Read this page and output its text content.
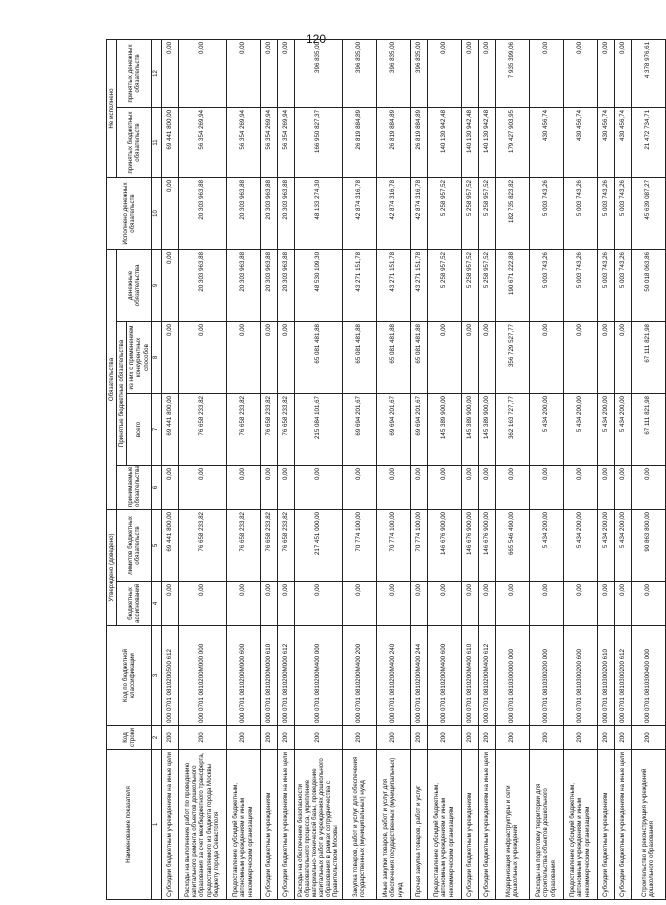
120
Наименование показателя	Код строки	Код по бюджетной классификации	Утверждено (доведено)		Обязательства				Исполнено денежных обязательств	Не исполнено	
			бюджетных ассигнований	лимитов бюджетных обязательств	принимаемые обязательства	Принятые бюджетные обязательства		денежные обязательства		принятых бюджетных обязательств	принятых денежных обязательств
						всего	из них с применением конкурентных способов				
1	2	3	4	5	6	7	8	9	10	11	12
Субсидии бюджетным учреждениям на иные цели	200	000 0701 0810200500 612	0,00	69 441 800,00	0,00	69 441 800,00	0,00	0,00	0,00	69 441 800,00	0,00
Расходы на выполнение работ по проведению капитального ремонта объектов дошкольного образования за счет межбюджетного трансферта, предоставляемого из бюджета города Москвы бюджету города Севастополя	200	000 0701 0810200М000 000	0,00	76 658 233,82	0,00	76 658 233,82	0,00	20 303 963,88	20 303 963,88	56 354 269,94	0,00
Предоставление субсидий бюджетным, автономным учреждениям и иным некоммерческим организациям	200	000 0701 0810200М000 600	0,00	76 658 233,82	0,00	76 658 233,82	0,00	20 303 963,88	20 303 963,88	56 354 269,94	0,00
Субсидии бюджетным учреждениям	200	000 0701 0810200М000 610	0,00	76 658 233,82	0,00	76 658 233,82	0,00	20 303 963,88	20 303 963,88	56 354 269,94	0,00
Субсидии бюджетным учреждениям на иные цели	200	000 0701 0810200М000 612	0,00	76 658 233,82	0,00	76 658 233,82	0,00	20 303 963,88	20 303 963,88	56 354 269,94	0,00
Расходы на обеспечение безопасности образовательного процесса, укрепление материально-технической базы, проведение капитальных работ в учреждениях дошкольного образования в рамках сотрудничества с Правительством Москвы	200	000 0701 0810200М400 000	0,00	217 451 000,00	0,00	215 084 101,67	65 081 481,88	48 530 109,30	48 133 274,30	166 950 827,37	396 835,00
Закупка товаров, работ и услуг для обеспечения государственных (муниципальных) нужд	200	000 0701 0810200М400 200	0,00	70 774 100,00	0,00	69 694 201,67	65 081 481,88	43 271 151,78	42 874 316,78	26 819 884,89	396 835,00
Иные закупки товаров, работ и услуг для обеспечения государственных (муниципальных) нужд	200	000 0701 0810200М400 240	0,00	70 774 100,00	0,00	69 694 201,67	65 081 481,88	43 271 151,78	42 874 316,78	26 819 884,89	396 835,00
Прочая закупка товаров, работ и услуг	200	000 0701 0810200М400 244	0,00	70 774 100,00	0,00	69 694 201,67	65 081 481,88	43 271 151,78	42 874 316,78	26 819 884,89	396 835,00
Предоставление субсидий бюджетным, автономным учреждениям и иным некоммерческим организациям	200	000 0701 0810200М400 600	0,00	146 676 900,00	0,00	145 389 900,00	0,00	5 258 957,52	5 258 957,52	140 130 942,48	0,00
Субсидии бюджетным учреждениям	200	000 0701 0810200М400 610	0,00	146 676 900,00	0,00	145 389 900,00	0,00	5 258 957,52	5 258 957,52	140 130 942,48	0,00
Субсидии бюджетным учреждениям на иные цели	200	000 0701 0810200М400 612	0,00	146 676 900,00	0,00	145 389 900,00	0,00	5 258 957,52	5 258 957,52	140 130 942,48	0,00
Модернизация инфраструктуры и сети дошкольных учреждений	200	000 0701 0810300000 000	0,00	665 546 490,00	0,00	362 163 727,77	356 729 527,77	190 671 222,88	182 735 823,82	179 427 903,95	7 935 399,06
Расходы на подготовку территории для строительства объектов дошкольного образования	200	000 0701 0810300200 000	0,00	5 434 200,00	0,00	5 434 200,00	0,00	5 003 743,26	5 003 743,26	430 456,74	0,00
Предоставление субсидий бюджетным, автономным учреждениям и иным некоммерческим организациям	200	000 0701 0810300200 600	0,00	5 434 200,00	0,00	5 434 200,00	0,00	5 003 743,26	5 003 743,26	430 456,74	0,00
Субсидии бюджетным учреждениям	200	000 0701 0810300200 610	0,00	5 434 200,00	0,00	5 434 200,00	0,00	5 003 743,26	5 003 743,26	430 456,74	0,00
Субсидии бюджетным учреждениям на иные цели	200	000 0701 0810300200 612	0,00	5 434 200,00	0,00	5 434 200,00	0,00	5 003 743,26	5 003 743,26	430 456,74	0,00
Строительство и реконструкция учреждений дошкольного образования	200	000 0701 0810300400 000	0,00	90 863 800,00	0,00	67 111 821,98	67 111 821,98	50 018 063,86	45 639 087,27	21 472 734,71	4 378 976,61
